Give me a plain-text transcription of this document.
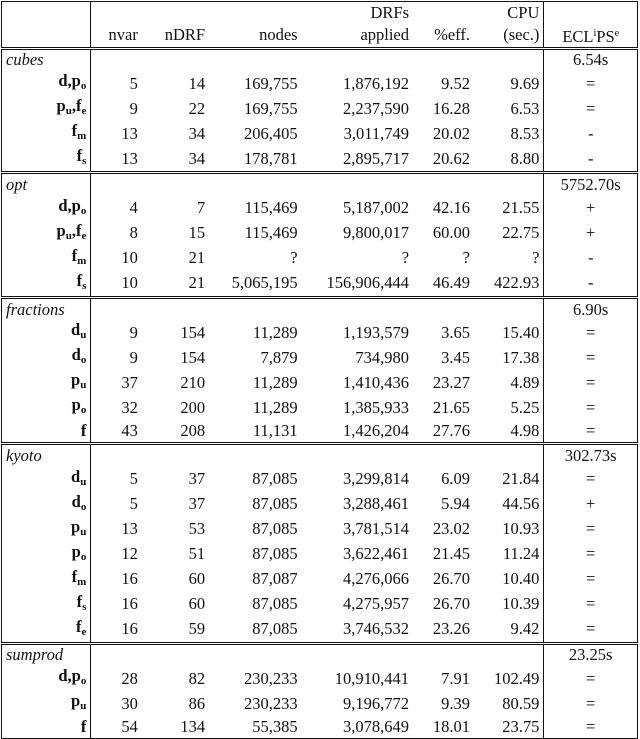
				DRFs		CPU	
	nvar	nDRF	nodes	applied	%eff.	(sec.)	$ECL^iPS^e$
cubes							6.54s
$d,p_o$	5	14	169,755	1,876,192	9.52	9.69	=
$p_u,f_e$	9	22	169,755	2,237,590	16.28	6.53	=
$f_m$	13	34	206,405	3,011,749	20.02	8.53	-
$f_s$	13	34	178,781	2,895,717	20.62	8.80	-
opt							5752.70s
$d,p_o$	4	7	115,469	5,187,002	42.16	21.55	+
$p_u,f_e$	8	15	115,469	9,800,017	60.00	22.75	+
$f_m$	10	21	?	?	?	?	-
$f_s$	10	21	5,065,195	156,906,444	46.49	422.93	-
fractions							6.90s
$d_u$	9	154	11,289	1,193,579	3.65	15.40	=
$d_o$	9	154	7,879	734,980	3.45	17.38	=
$p_u$	37	210	11,289	1,410,436	23.27	4.89	=
$p_o$	32	200	11,289	1,385,933	21.65	5.25	=
f	43	208	11,131	1,426,204	27.76	4.98	=
kyoto							302.73s
$d_u$	5	37	87,085	3,299,814	6.09	21.84	=
$d_o$	5	37	87,085	3,288,461	5.94	44.56	+
$p_u$	13	53	87,085	3,781,514	23.02	10.93	=
$p_o$	12	51	87,085	3,622,461	21.45	11.24	=
$f_m$	16	60	87,087	4,276,066	26.70	10.40	=
$f_s$	16	60	87,085	4,275,957	26.70	10.39	=
$f_e$	16	59	87,085	3,746,532	23.26	9.42	=
sumprod							23.25s
$d,p_o$	28	82	230,233	10,910,441	7.91	102.49	=
$p_u$	30	86	230,233	9,196,772	9.39	80.59	=
f	54	134	55,385	3,078,649	18.01	23.75	=
